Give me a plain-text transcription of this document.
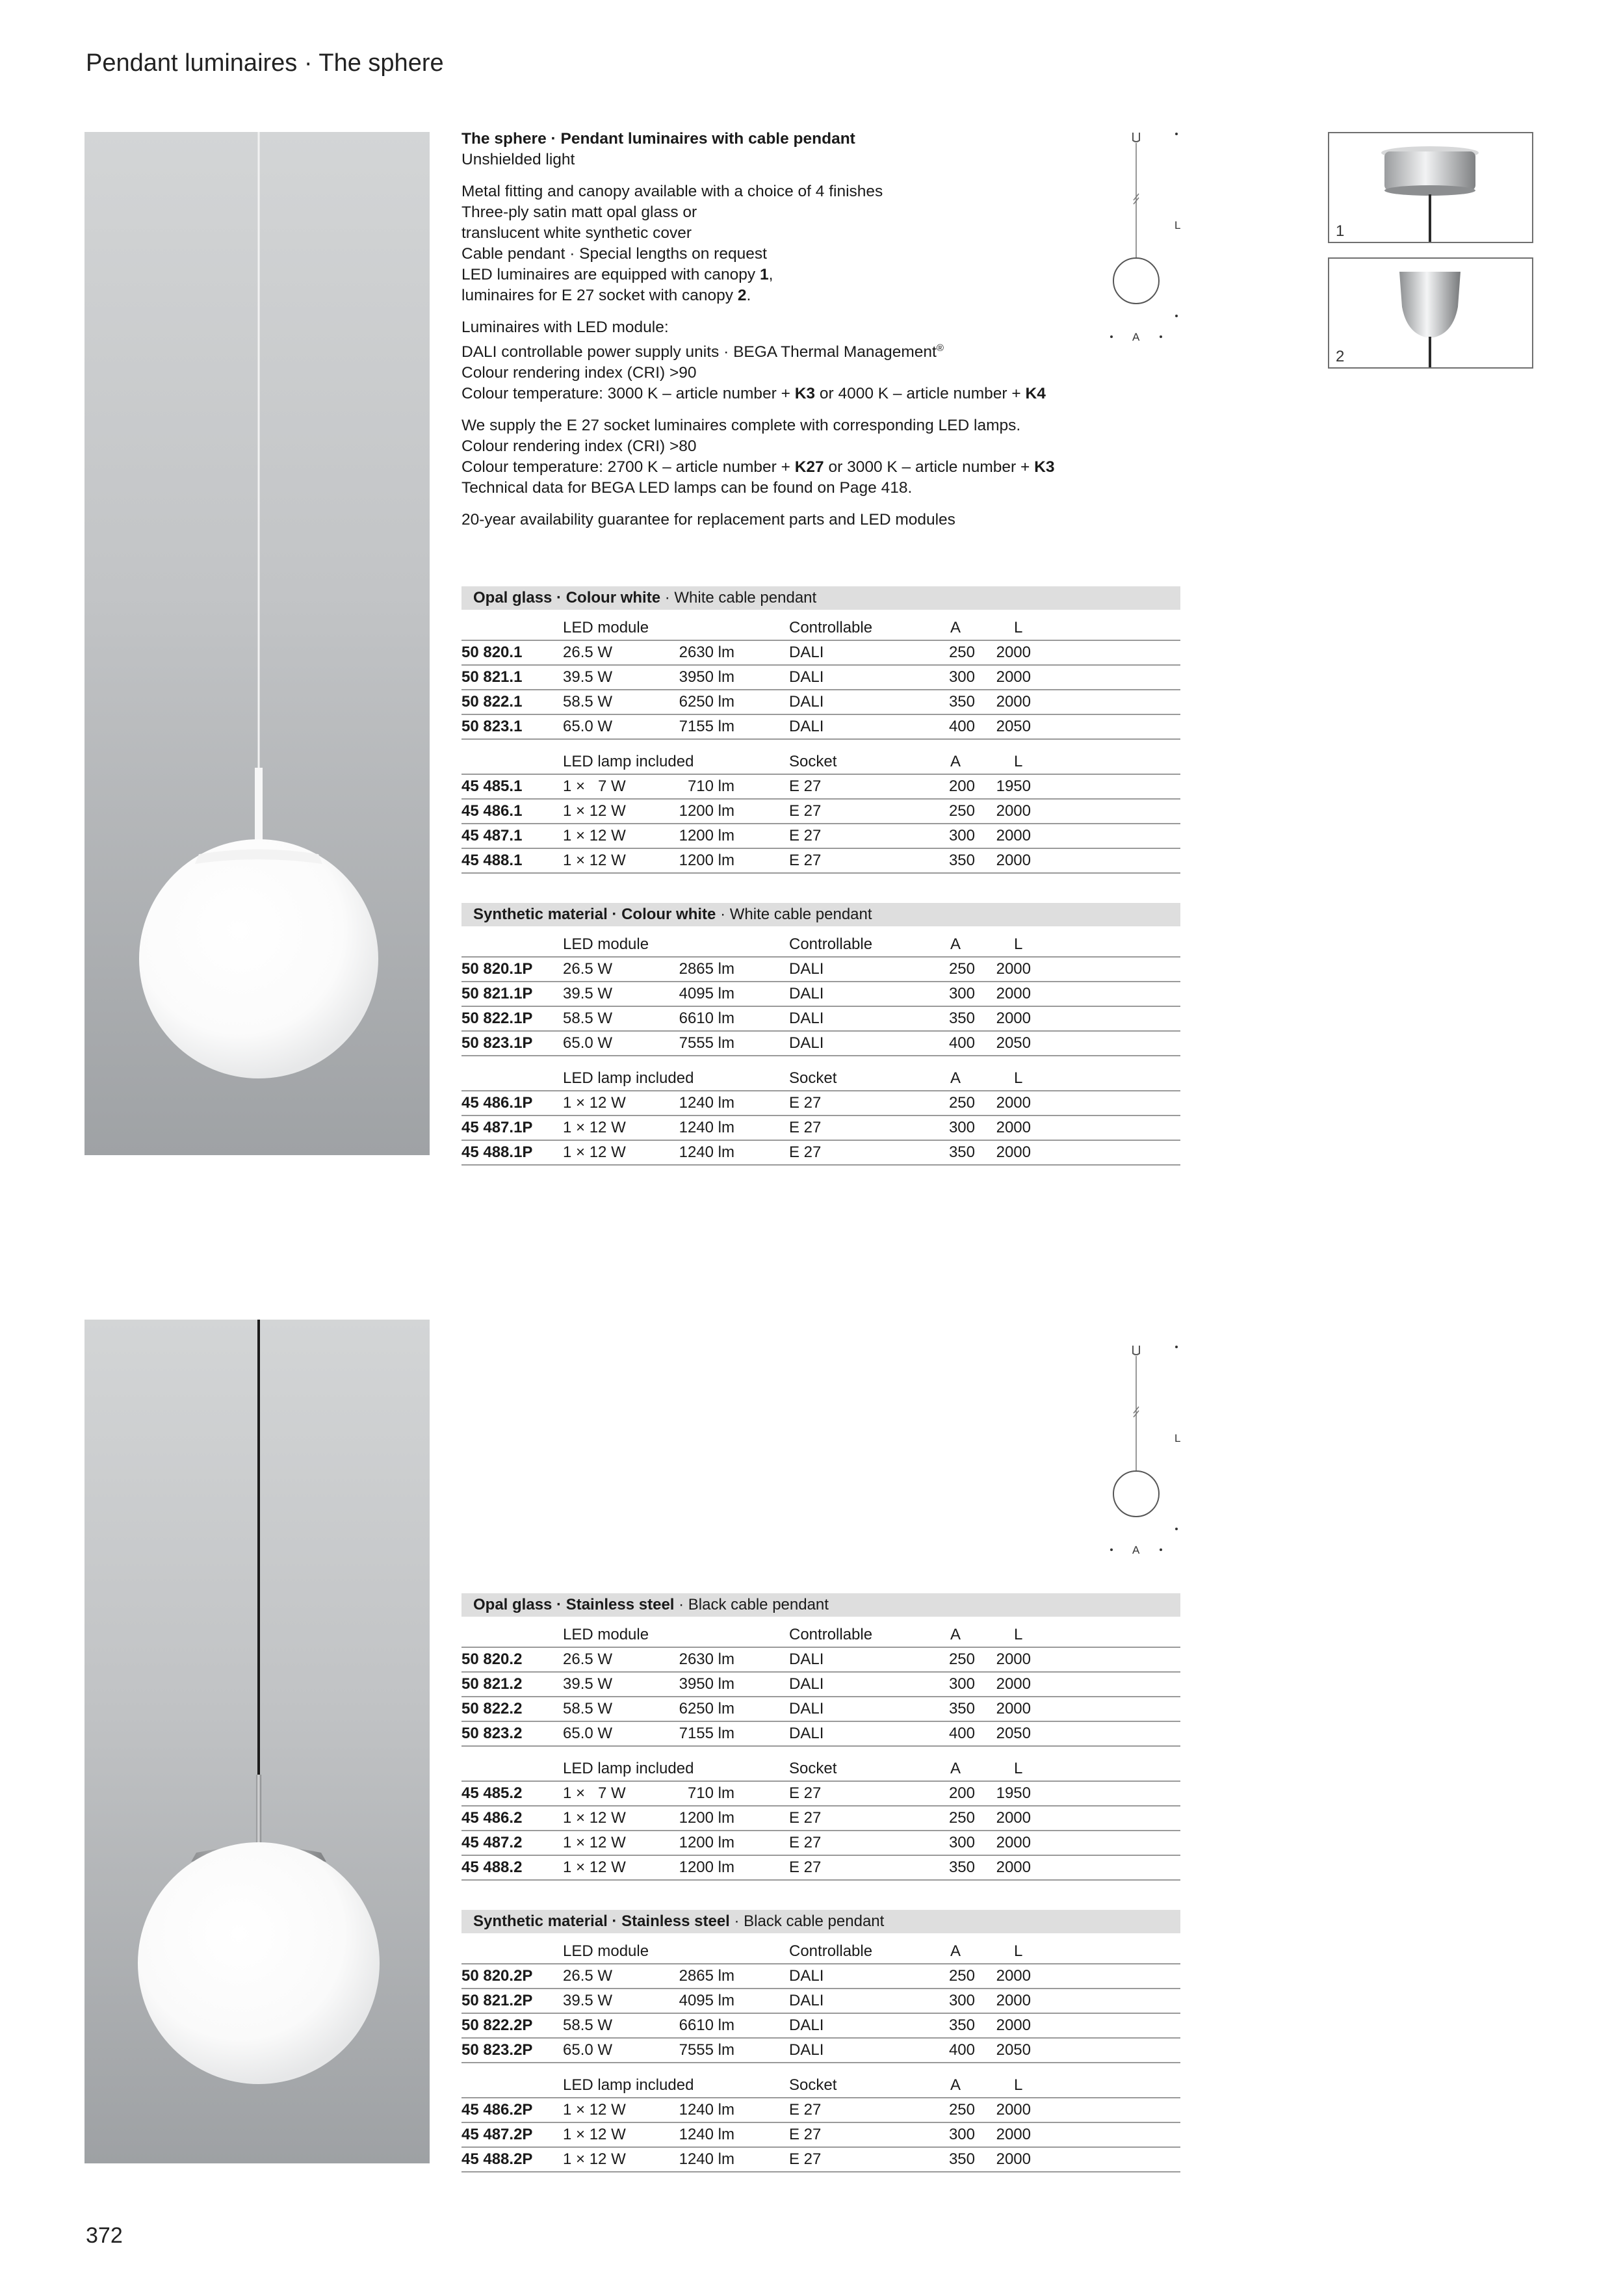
Pendant luminaires · The sphere
372

The sphere · Pendant luminaires with cable pendant
Unshielded light

Metal fitting and canopy available with a choice of 4 finishes
Three-ply satin matt opal glass or
translucent white synthetic cover
Cable pendant · Special lengths on request
LED luminaires are equipped with canopy 1,
luminaires for E 27 socket with canopy 2.

Luminaires with LED module:
DALI controllable power supply units · BEGA Thermal Management®
Colour rendering index (CRI) >90
Colour temperature: 3000 K – article number + K3 or 4000 K – article number + K4

We supply the E 27 socket luminaires complete with corresponding LED lamps.
Colour rendering index (CRI) >80
Colour temperature: 2700 K – article number + K27 or 3000 K – article number + K3
Technical data for BEGA LED lamps can be found on Page 418.

20-year availability guarantee for replacement parts and LED modules

L
A
L
A
1
2
Opal glass · Colour white · White cable pendant
LED module	Controllable	A	L
50 820.1	26.5 W	2630 lm	DALI	250	2000
50 821.1	39.5 W	3950 lm	DALI	300	2000
50 822.1	58.5 W	6250 lm	DALI	350	2000
50 823.1	65.0 W	7155 lm	DALI	400	2050
LED lamp included	Socket	A	L
45 485.1	1 ×   7 W	710 lm	E 27	200	1950
45 486.1	1 × 12 W	1200 lm	E 27	250	2000
45 487.1	1 × 12 W	1200 lm	E 27	300	2000
45 488.1	1 × 12 W	1200 lm	E 27	350	2000
Synthetic material · Colour white · White cable pendant
LED module	Controllable	A	L
50 820.1P 26.5 W	2865 lm	DALI	250	2000
50 821.1P 39.5 W	4095 lm	DALI	300	2000
50 822.1P 58.5 W	6610 lm	DALI	350	2000
50 823.1P 65.0 W	7555 lm	DALI	400	2050
LED lamp included	Socket	A	L
45 486.1P 1 × 12 W	1240 lm	E 27	250	2000
45 487.1P 1 × 12 W	1240 lm	E 27	300	2000
45 488.1P 1 × 12 W	1240 lm	E 27	350	2000
Opal glass · Stainless steel · Black cable pendant
LED module	Controllable	A	L
50 820.2	26.5 W	2630 lm	DALI	250	2000
50 821.2	39.5 W	3950 lm	DALI	300	2000
50 822.2	58.5 W	6250 lm	DALI	350	2000
50 823.2	65.0 W	7155 lm	DALI	400	2050
LED lamp included	Socket	A	L
45 485.2	1 ×   7 W	710 lm	E 27	200	1950
45 486.2	1 × 12 W	1200 lm	E 27	250	2000
45 487.2	1 × 12 W	1200 lm	E 27	300	2000
45 488.2	1 × 12 W	1200 lm	E 27	350	2000
Synthetic material · Stainless steel · Black cable pendant
LED module	Controllable	A	L
50 820.2P 26.5 W	2865 lm	DALI	250	2000
50 821.2P 39.5 W	4095 lm	DALI	300	2000
50 822.2P 58.5 W	6610 lm	DALI	350	2000
50 823.2P 65.0 W	7555 lm	DALI	400	2050
LED lamp included	Socket	A	L
45 486.2P 1 × 12 W	1240 lm	E 27	250	2000
45 487.2P 1 × 12 W	1240 lm	E 27	300	2000
45 488.2P 1 × 12 W	1240 lm	E 27	350	2000
